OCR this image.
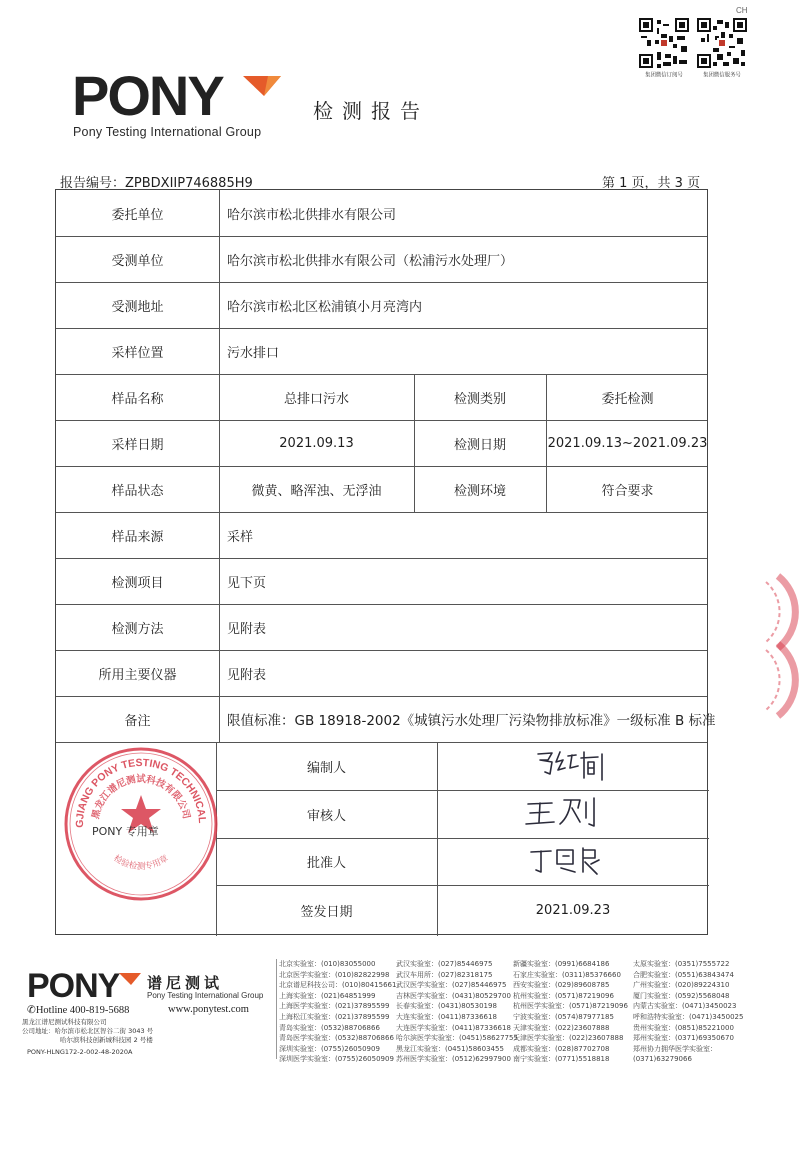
CH
集团微信订阅号	集团微信服务号
PONY
Pony Testing International Group
检测报告
报告编号：ZPBDXIIP746885H9	第 1 页，共 3 页
委托单位	哈尔滨市松北供排水有限公司
受测单位	哈尔滨市松北供排水有限公司（松浦污水处理厂）
受测地址	哈尔滨市松北区松浦镇小月亮湾内
采样位置	污水排口
样品名称	总排口污水	检测类别	委托检测
采样日期	2021.09.13	检测日期	2021.09.13~2021.09.23
样品状态	微黄、略浑浊、无浮油	检测环境	符合要求
样品来源	采样
检测项目	见下页
检测方法	见附表
所用主要仪器	见附表
备注	限值标准：GB 18918-2002《城镇污水处理厂污染物排放标准》一级标准 B 标准
编制人
审核人
批准人
签发日期	2021.09.23
GJIANG PONY TESTING TECHNICAL
黑龙江谱尼测试科技有限公司
检验检测专用章
PONY 专用章
PONY 谱尼测试
Pony Testing International Group
✆Hotline 400-819-5688	www.ponytest.com
黑龙江谱尼测试科技有限公司
公司地址：哈尔滨市松北区智谷二街 3043 号
哈尔滨科技创新城科技园 2 号楼
PONY-HLNG172-2-002-48-2020A
北京实验室：(010)83055000
北京医学实验室：(010)82822998
北京谱尼科技公司：(010)80415661
上海实验室：(021)64851999
上海医学实验室：(021)37895599
上海松江实验室：(021)37895599
青岛实验室：(0532)88706866
青岛医学实验室：(0532)88706866
深圳实验室：(0755)26050909
深圳医学实验室：(0755)26050909
武汉实验室：(027)85446975
武汉车用所：(027)82318175
武汉医学实验室：(027)85446975
吉林医学实验室：(0431)80529700
长春实验室：(0431)80530198
大连实验室：(0411)87336618
大连医学实验室：(0411)87336618
哈尔滨医学实验室：(0451)58627755
黑龙江实验室：(0451)58603455
苏州医学实验室：(0512)62997900
新疆实验室：(0991)6684186
石家庄实验室：(0311)85376660
西安实验室：(029)89608785
杭州实验室：(0571)87219096
杭州医学实验室：(0571)87219096
宁波实验室：(0574)87977185
天津实验室：(022)23607888
天津医学实验室：(022)23607888
成都实验室：(028)87702708
南宁实验室：(0771)5518818
太原实验室：(0351)7555722
合肥实验室：(0551)63843474
广州实验室：(020)89224310
厦门实验室：(0592)5568048
内蒙古实验室：(0471)3450023
呼和浩特实验室：(0471)3450025
贵州实验室：(0851)85221000
郑州实验室：(0371)69350670
郑州协力拥华医学实验室：
(0371)63279066
